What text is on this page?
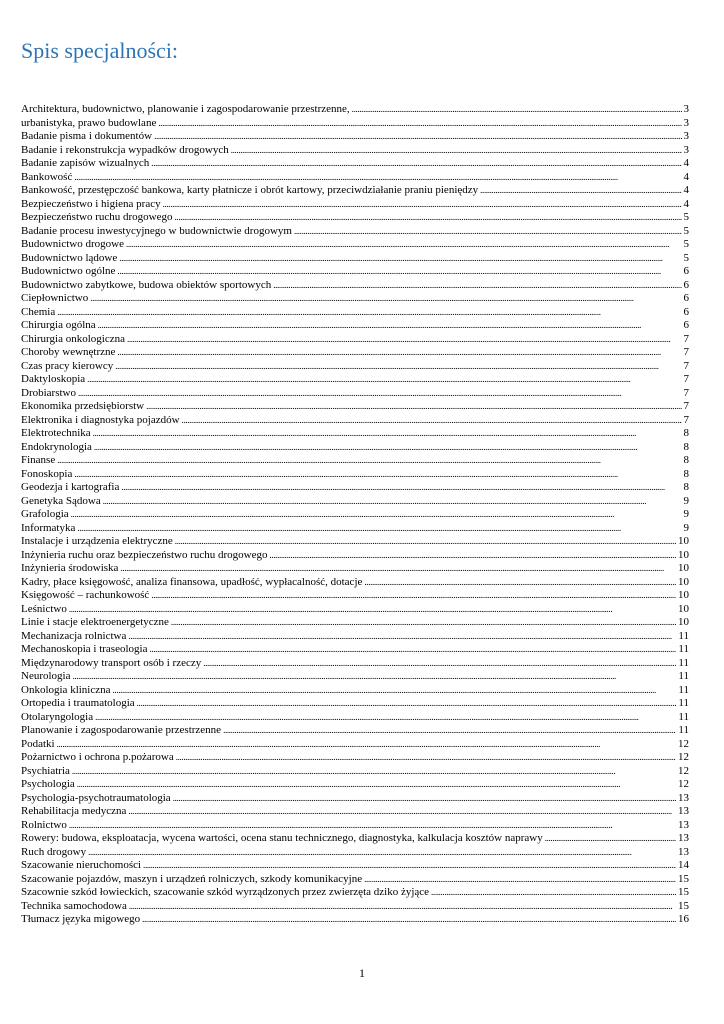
Spis specjalności:
Architektura, budownictwo, planowanie i zagospodarowanie przestrzenne, . . .	3
urbanistyka, prawo budowlane . . .	3
Badanie pisma i dokumentów . . .	3
Badanie i rekonstrukcja wypadków drogowych . . .	3
Badanie zapisów wizualnych . . .	4
Bankowość . . .	4
Bankowość, przestępczość bankowa, karty płatnicze i obrót kartowy, przeciwdziałanie praniu pieniędzy . . .	4
Bezpieczeństwo i higiena pracy . . .	4
Bezpieczeństwo ruchu drogowego . . .	5
Badanie procesu inwestycyjnego w budownictwie drogowym . . .	5
Budownictwo drogowe . . .	5
Budownictwo lądowe . . .	5
Budownictwo ogólne . . .	6
Budownictwo zabytkowe, budowa obiektów sportowych . . .	6
Ciepłownictwo . . .	6
Chemia . . .	6
Chirurgia ogólna . . .	6
Chirurgia onkologiczna . . .	7
Choroby wewnętrzne . . .	7
Czas pracy kierowcy . . .	7
Daktyloskopia . . .	7
Drobiarstwo . . .	7
Ekonomika przedsiębiorstw . . .	7
Elektronika i diagnostyka pojazdów . . .	7
Elektrotechnika . . .	8
Endokrynologia . . .	8
Finanse . . .	8
Fonoskopia . . .	8
Geodezja i kartografia . . .	8
Genetyka Sądowa . . .	9
Grafologia . . .	9
Informatyka . . .	9
Instalacje i urządzenia elektryczne . . .	10
Inżynieria ruchu oraz bezpieczeństwo ruchu drogowego . . .	10
Inżynieria środowiska . . .	10
Kadry, płace księgowość, analiza finansowa, upadłość, wypłacalność, dotacje . . .	10
Księgowość – rachunkowość . . .	10
Leśnictwo . . .	10
Linie i stacje elektroenergetyczne . . .	10
Mechanizacja rolnictwa . . .	11
Mechanoskopia i traseologia . . .	11
Międzynarodowy transport osób i rzeczy . . .	11
Neurologia . . .	11
Onkologia kliniczna . . .	11
Ortopedia i traumatologia . . .	11
Otolaryngologia . . .	11
Planowanie i zagospodarowanie przestrzenne . . .	11
Podatki . . .	12
Pożarnictwo i ochrona p.pożarowa . . .	12
Psychiatria . . .	12
Psychologia . . .	12
Psychologia-psychotraumatologia . . .	13
Rehabilitacja medyczna . . .	13
Rolnictwo . . .	13
Rowery: budowa, eksploatacja, wycena wartości, ocena stanu technicznego, diagnostyka, kalkulacja kosztów naprawy . . .	13
Ruch drogowy . . .	13
Szacowanie nieruchomości . . .	14
Szacowanie pojazdów, maszyn i urządzeń rolniczych, szkody komunikacyjne . . .	15
Szacownie szkód łowieckich, szacowanie szkód wyrządzonych przez zwierzęta dziko żyjące . . .	15
Technika samochodowa . . .	15
Tłumacz języka migowego . . .	16
1
